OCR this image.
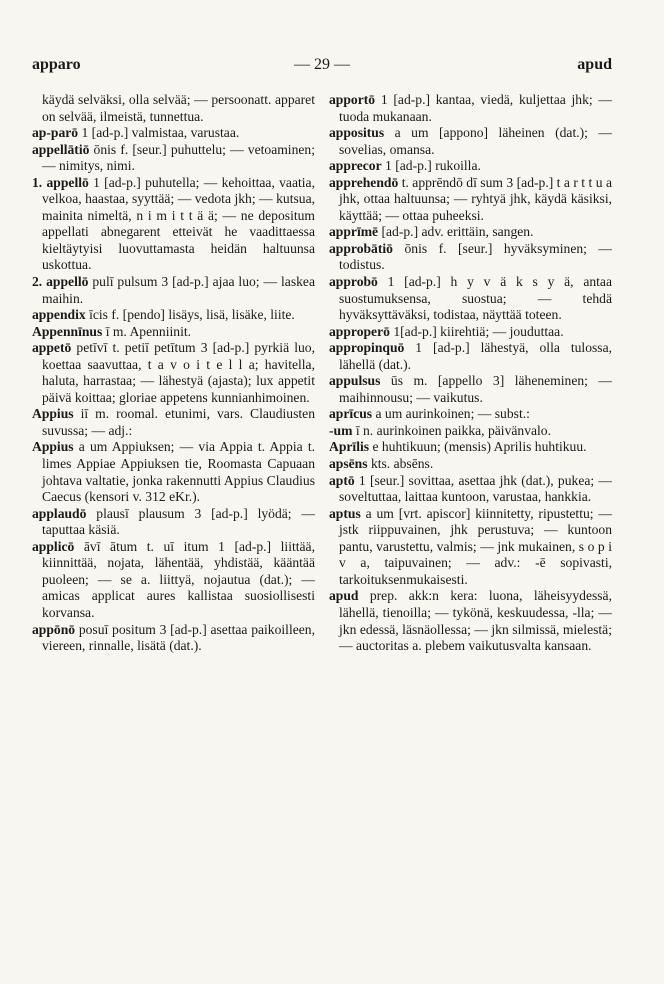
apparo	— 29 —	apud

käydä selväksi, olla selvää; — persoonatt. apparet on selvää, ilmeistä, tunnettua.

ap-parō 1 [ad-p.] valmistaa, varustaa.

appellātiō ōnis f. [seur.] puhuttelu; — vetoaminen; — nimitys, nimi.

1. appellō 1 [ad-p.] puhutella; — kehoittaa, vaatia, velkoa, haastaa, syyttää; — vedota jkh; — kutsua, mainita nimeltä, n i m i t t ä ä; — ne depositum appellati abnegarent etteivät he vaadittaessa kieltäytyisi luovuttamasta heidän haltuunsa uskottua.

2. appellō pulī pulsum 3 [ad-p.] ajaa luo; — laskea maihin.

appendix īcis f. [pendo] lisäys, lisä, lisäke, liite.

Appennīnus ī m. Apenniinit.

appetō petīvī t. petiī petītum 3 [ad-p.] pyrkiä luo, koettaa saavuttaa, t a v o i t e l l a; havitella, haluta, harrastaa; — lähestyä (ajasta); lux appetit päivä koittaa; gloriae appetens kunnianhimoinen.

Appius iī m. roomal. etunimi, vars. Claudiusten suvussa; — adj.:

Appius a um Appiuksen; — via Appia t. Appia t. limes Appiae Appiuksen tie, Roomasta Capuaan johtava valtatie, jonka rakennutti Appius Claudius Caecus (kensori v. 312 eKr.).

applaudō plausī plausum 3 [ad-p.] lyödä; — taputtaa käsiä.

applicō āvī ātum t. uī itum 1 [ad-p.] liittää, kiinnittää, nojata, lähentää, yhdistää, kääntää puoleen; — se a. liittyä, nojautua (dat.); — amicas applicat aures kallistaa suosiollisesti korvansa.

appōnō posuī positum 3 [ad-p.] asettaa paikoilleen, viereen, rinnalle, lisätä (dat.).

apportō 1 [ad-p.] kantaa, viedä, kuljettaa jhk; — tuoda mukanaan.

appositus a um [appono] läheinen (dat.); — sovelias, omansa.

apprecor 1 [ad-p.] rukoilla.

apprehendō t. apprēndō dī sum 3 [ad-p.] t a r t t u a jhk, ottaa haltuunsa; — ryhtyä jhk, käydä käsiksi, käyttää; — ottaa puheeksi.

apprīmē [ad-p.] adv. erittäin, sangen.

approbātiō ōnis f. [seur.] hyväksyminen; — todistus.

approbō 1 [ad-p.] h y v ä k s y ä, antaa suostumuksensa, suostua; — tehdä hyväksyttäväksi, todistaa, näyttää toteen.

approperō 1[ad-p.] kiirehtiä; — jouduttaa.

appropinquō 1 [ad-p.] lähestyä, olla tulossa, lähellä (dat.).

appulsus ūs m. [appello 3] läheneminen; — maihinnousu; — vaikutus.

aprīcus a um aurinkoinen; — subst.:

-um ī n. aurinkoinen paikka, päivänvalo.

Aprīlis e huhtikuun; (mensis) Aprilis huhtikuu.

apsēns kts. absēns.

aptō 1 [seur.] sovittaa, asettaa jhk (dat.), pukea; — soveltuttaa, laittaa kuntoon, varustaa, hankkia.

aptus a um [vrt. apiscor] kiinnitetty, ripustettu; — jstk riippuvainen, jhk perustuva; — kuntoon pantu, varustettu, valmis; — jnk mukainen, s o p i v a, taipuvainen; — adv.: -ē sopivasti, tarkoituksenmukaisesti.

apud prep. akk:n kera: luona, läheisyydessä, lähellä, tienoilla; — tykönä, keskuudessa, -lla; — jkn edessä, läsnäollessa; — jkn silmissä, mielestä; — auctoritas a. plebem vaikutusvalta kansaan.
